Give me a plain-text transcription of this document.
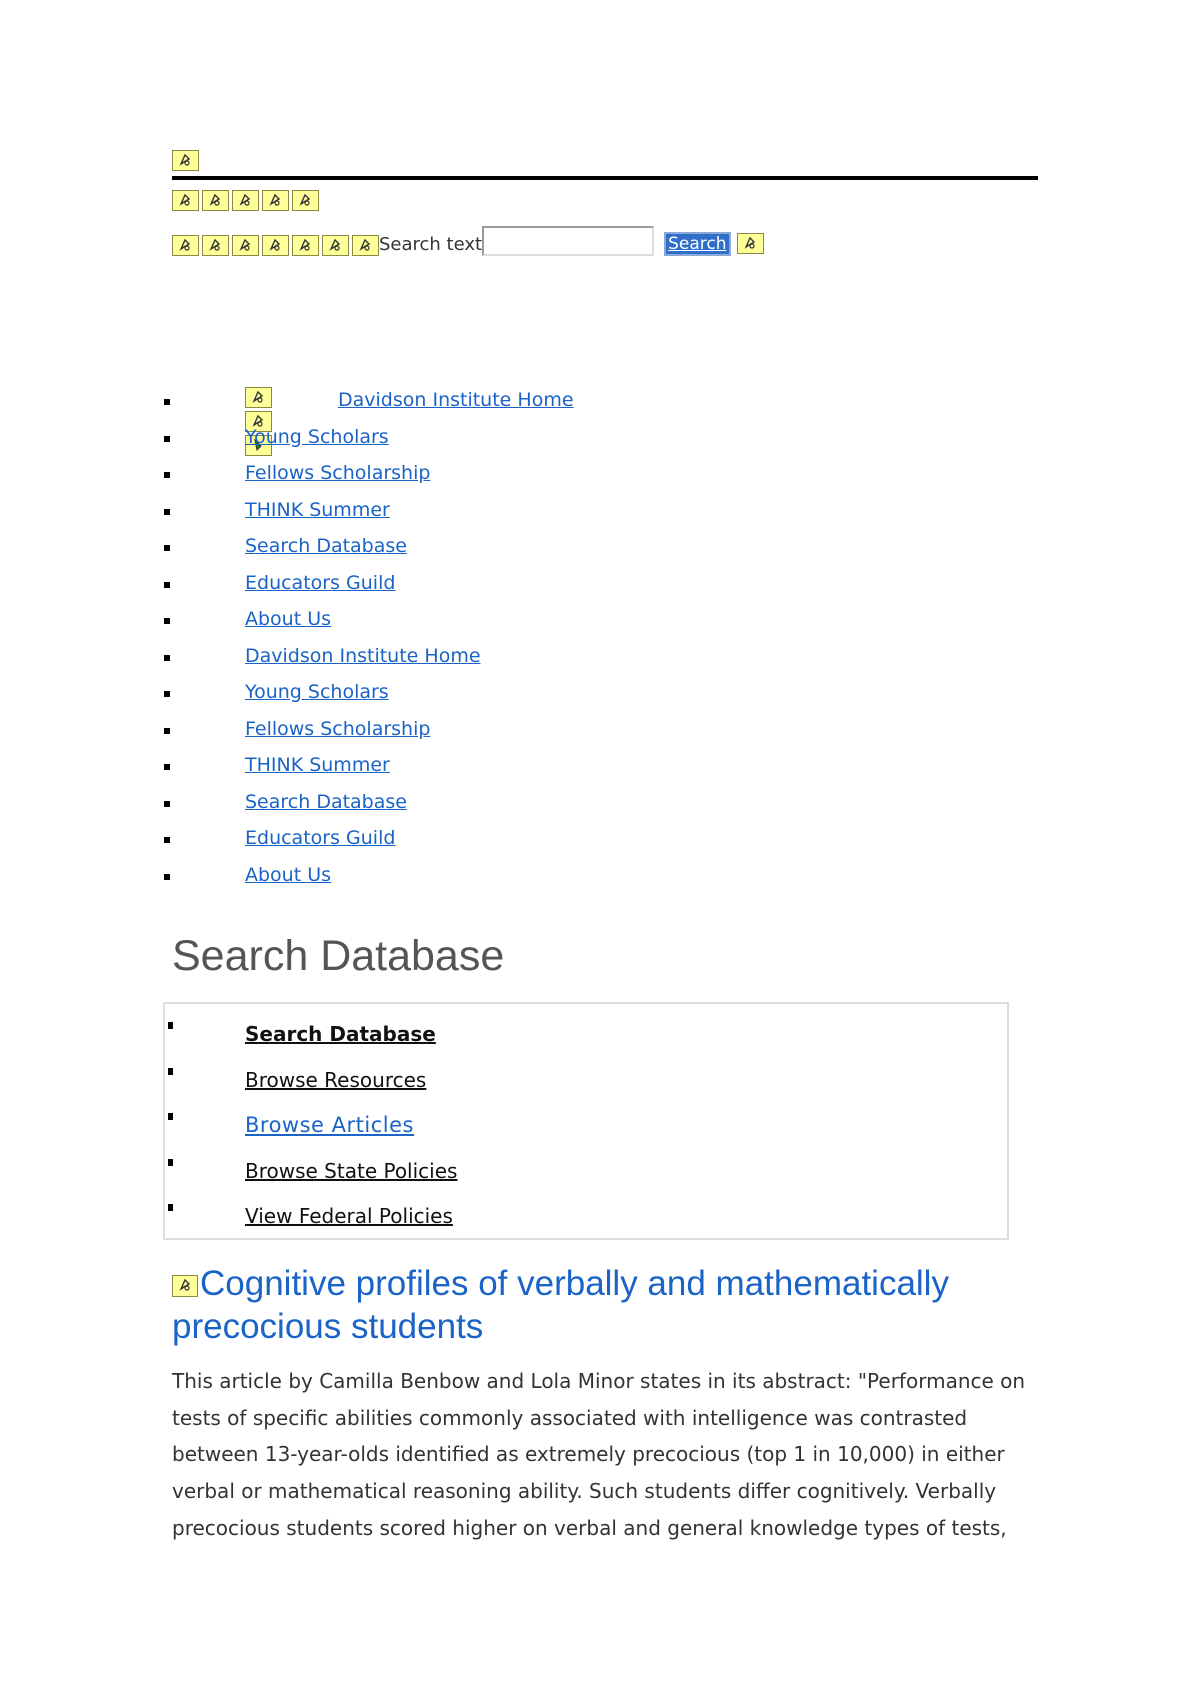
Search text	Search
Davidson Institute Home
Young Scholars
Fellows Scholarship
THINK Summer
Search Database
Educators Guild
About Us
Davidson Institute Home
Young Scholars
Fellows Scholarship
THINK Summer
Search Database
Educators Guild
About Us
Search Database
Search Database
Browse Resources
Browse Articles
Browse State Policies
View Federal Policies
Cognitive profiles of verbally and mathematically precocious students

This article by Camilla Benbow and Lola Minor states in its abstract: "Performance on tests of specific abilities commonly associated with intelligence was contrasted between 13-year-olds identified as extremely precocious (top 1 in 10,000) in either verbal or mathematical reasoning ability. Such students differ cognitively. Verbally precocious students scored higher on verbal and general knowledge types of tests,
